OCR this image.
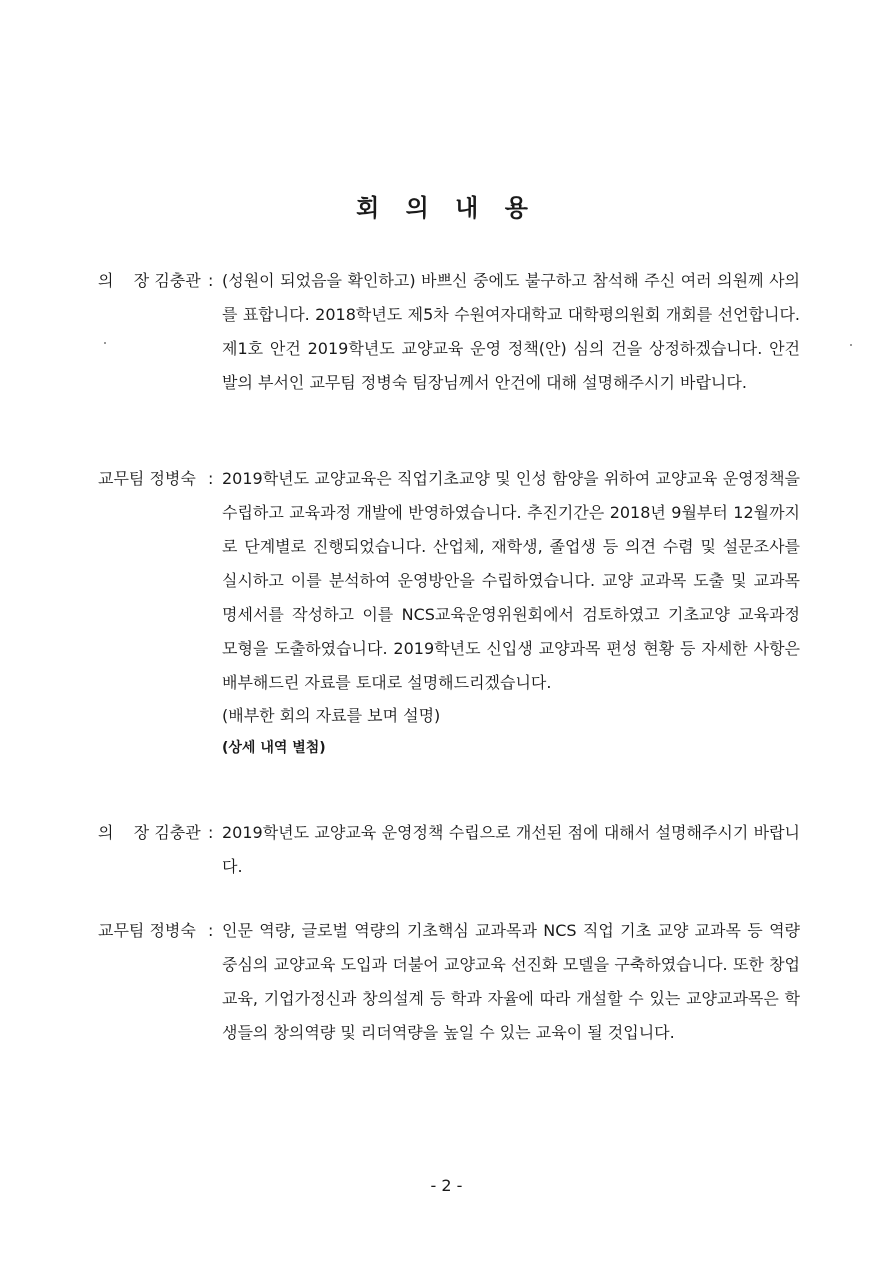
회 의 내 용
의    장 김충관 : (성원이 되었음을 확인하고) 바쁘신 중에도 불구하고 참석해 주신 여러 의원께 사의를 표합니다. 2018학년도 제5차 수원여자대학교 대학평의원회 개회를 선언합니다. 제1호 안건 2019학년도 교양교육 운영 정책(안) 심의 건을 상정하겠습니다. 안건 발의 부서인 교무팀 정병숙 팀장님께서 안건에 대해 설명해주시기 바랍니다.
교무팀 정병숙 : 2019학년도 교양교육은 직업기초교양 및 인성 함양을 위하여 교양교육 운영정책을 수립하고 교육과정 개발에 반영하였습니다. 추진기간은 2018년 9월부터 12월까지로 단계별로 진행되었습니다. 산업체, 재학생, 졸업생 등 의견 수렴 및 설문조사를 실시하고 이를 분석하여 운영방안을 수립하였습니다. 교양 교과목 도출 및 교과목 명세서를 작성하고 이를 NCS교육운영위원회에서 검토하였고 기초교양 교육과정 모형을 도출하였습니다. 2019학년도 신입생 교양과목 편성 현황 등 자세한 사항은 배부해드린 자료를 토대로 설명해드리겠습니다.
(배부한 회의 자료를 보며 설명)
(상세 내역 별첨)
의    장 김충관 : 2019학년도 교양교육 운영정책 수립으로 개선된 점에 대해서 설명해주시기 바랍니다.
교무팀 정병숙 : 인문 역량, 글로벌 역량의 기초핵심 교과목과 NCS 직업 기초 교양 교과목 등 역량 중심의 교양교육 도입과 더불어 교양교육 선진화 모델을 구축하였습니다. 또한 창업교육, 기업가정신과 창의설계 등 학과 자율에 따라 개설할 수 있는 교양교과목은 학생들의 창의역량 및 리더역량을 높일 수 있는 교육이 될 것입니다.
- 2 -
